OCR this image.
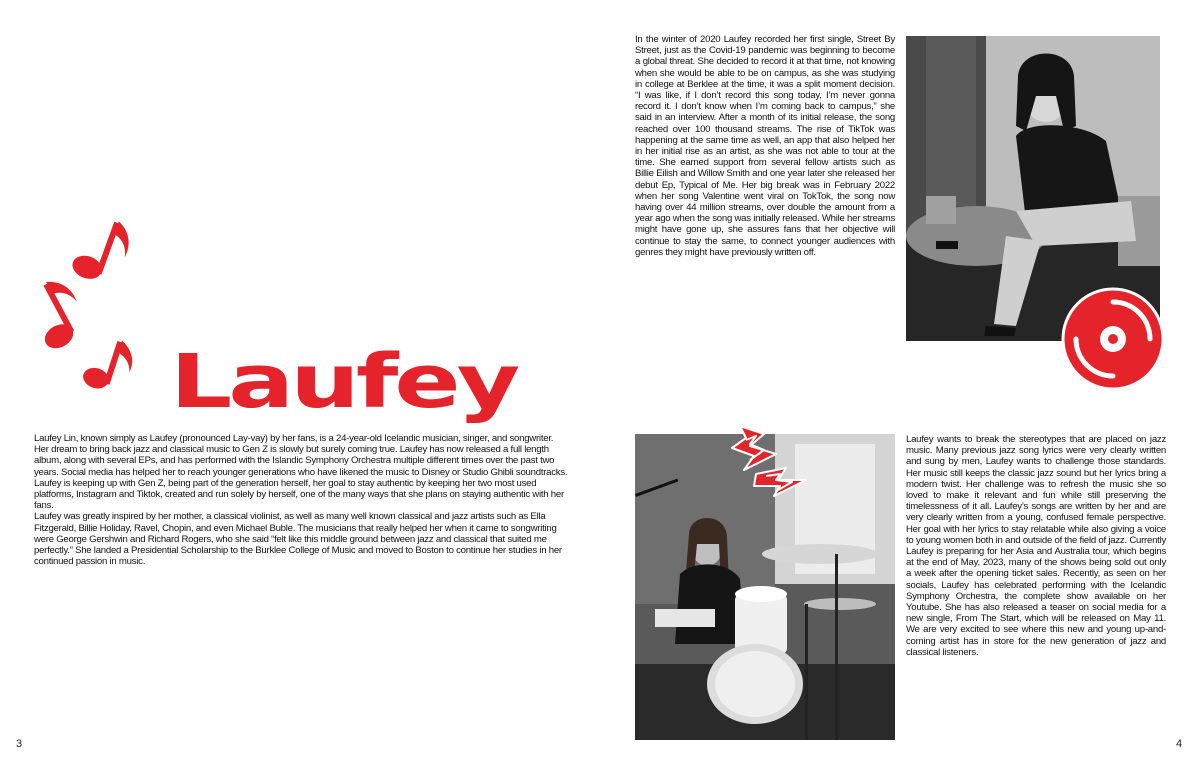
Laufey

Laufey Lin, known simply as Laufey (pronounced Lay-vay) by her fans, is a 24-year-old Icelandic musician, singer, and songwriter. Her dream to bring back jazz and classical music to Gen Z is slowly but surely coming true. Laufey has now released a full length album, along with several EPs, and has performed with the Islandic Symphony Orchestra multiple different times over the past two years. Social media has helped her to reach younger generations who have likened the music to Disney or Studio Ghibli soundtracks. Laufey is keeping up with Gen Z, being part of the generation herself, her goal to stay authentic by keeping her two most used platforms, Instagram and Tiktok, created and run solely by herself, one of the many ways that she plans on staying authentic with her fans.

Laufey was greatly inspired by her mother, a classical violinist, as well as many well known classical and jazz artists such as Ella Fitzgerald, Billie Holiday, Ravel, Chopin, and even Michael Buble. The musicians that really helped her when it came to songwriting were George Gershwin and Richard Rogers, who she said “felt like this middle ground between jazz and classical that suited me perfectly.” She landed a Presidential Scholarship to the Burklee College of Music and moved to Boston to continue her studies in her continued passion in music.

3
In the winter of 2020 Laufey recorded her first single, Street By Street, just as the Covid-19 pandemic was beginning to become a global threat. She decided to record it at that time, not knowing when she would be able to be on campus, as she was studying in college at Berklee at the time, it was a split moment decision. “I was like, if I don’t record this song today, I’m never gonna record it. I don’t know when I’m coming back to campus,” she said in an interview. After a month of its initial release, the song reached over 100 thousand streams. The rise of TikTok was happening at the same time as well, an app that also helped her in her initial rise as an artist, as she was not able to tour at the time. She earned support from several fellow artists such as Billie Eilish and Willow Smith and one year later she released her debut Ep, Typical of Me. Her big break was in February 2022 when her song Valentine went viral on TokTok, the song now having over 44 million streams, over double the amount from a year ago when the song was initially released. While her streams might have gone up, she assures fans that her objective will continue to stay the same, to connect younger audiences with genres they might have previously written off.
Laufey wants to break the stereotypes that are placed on jazz music. Many previous jazz song lyrics were very clearly written and sung by men, Laufey wants to challenge those standards. Her music still keeps the classic jazz sound but her lyrics bring a modern twist. Her challenge was to refresh the music she so loved to make it relevant and fun while still preserving the timelessness of it all. Laufey’s songs are written by her and are very clearly written from a young, confused female perspective. Her goal with her lyrics to stay relatable while also giving a voice to young women both in and outside of the field of jazz. Currently Laufey is preparing for her Asia and Australia tour, which begins at the end of May, 2023, many of the shows being sold out only a week after the opening ticket sales. Recently, as seen on her socials, Laufey has celebrated performing with the Icelandic Symphony Orchestra, the complete show available on her Youtube. She has also released a teaser on social media for a new single, From The Start, which will be released on May 11. We are very excited to see where this new and young up-and-coming artist has in store for the new generation of jazz and classical listeners.
4
